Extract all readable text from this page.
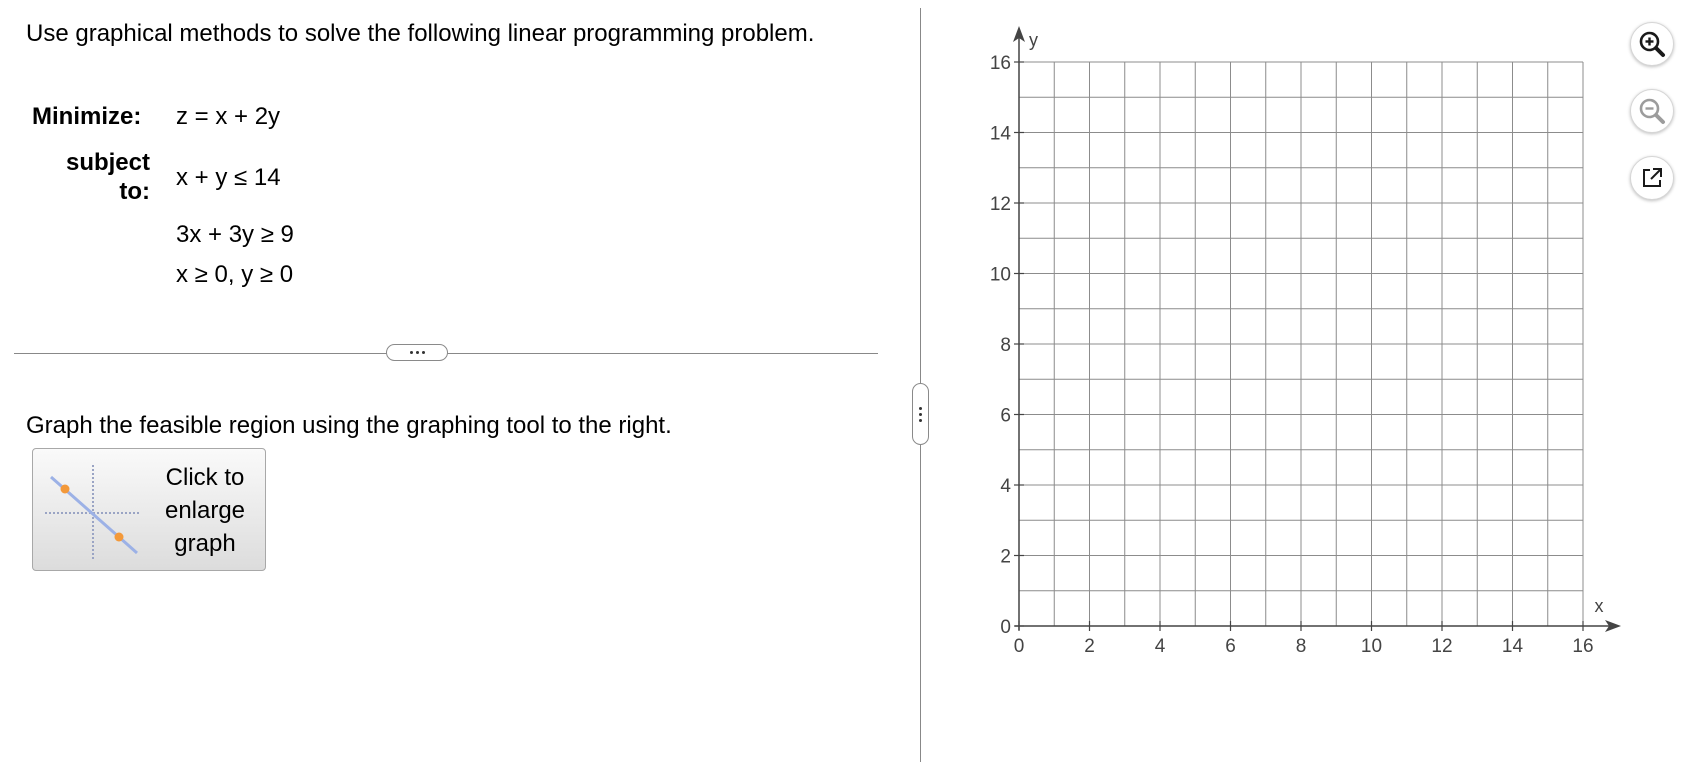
Use graphical methods to solve the following linear programming problem.

Minimize: z = x + 2y
subject
to:
x + y ≤ 14
3x + 3y ≥ 9
x ≥ 0, y ≥ 0
Graph the feasible region using the graphing tool to the right.
Click to
enlarge
graph
0	2	4	6	8	10	12	14	16
0
2
4
6
8
10
12
14
16
x
y
